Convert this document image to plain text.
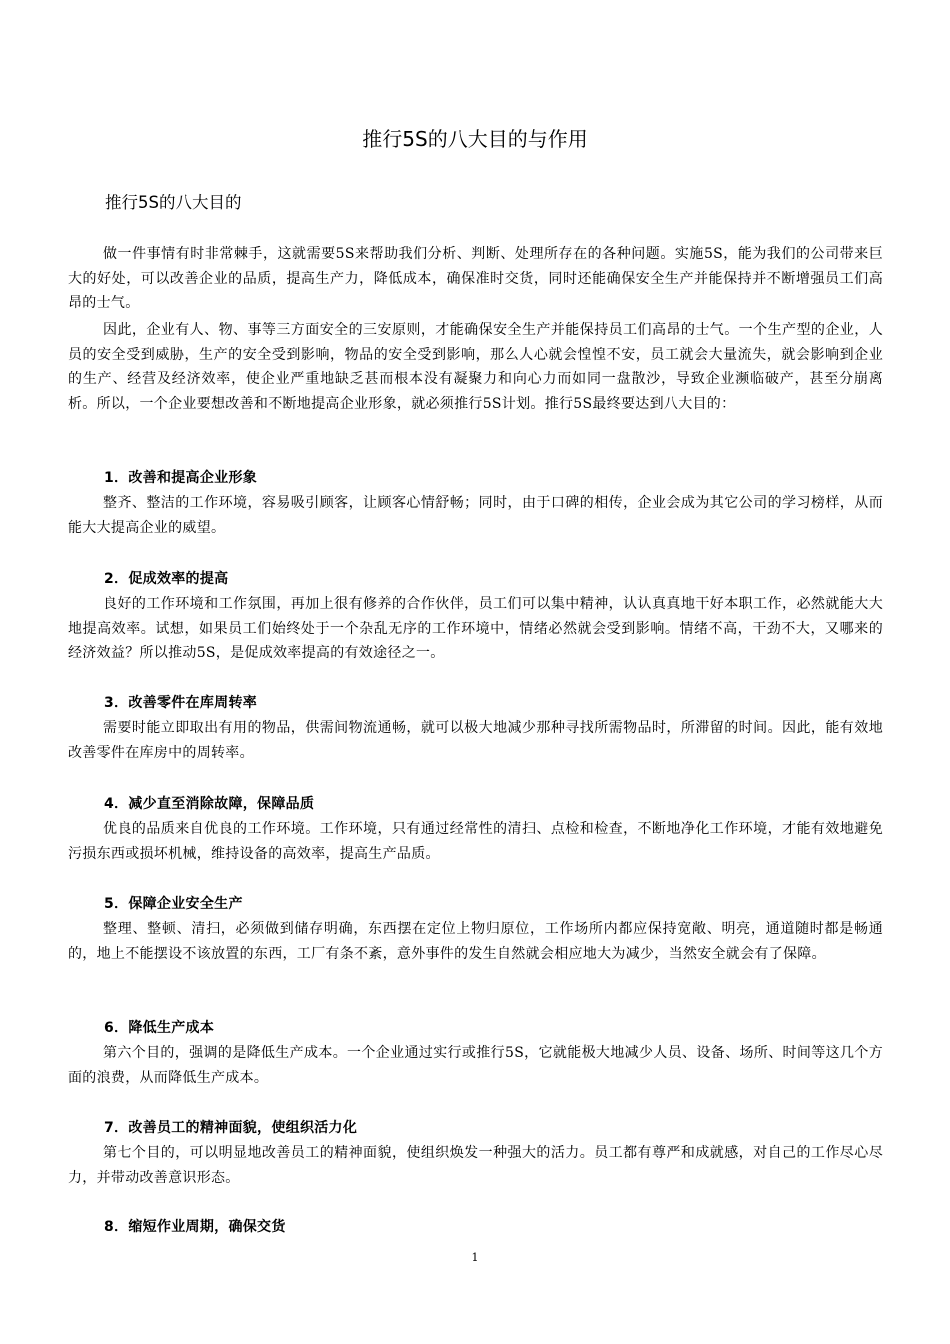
推行5S的八大目的与作用
推行5S的八大目的

做一件事情有时非常棘手，这就需要5S来帮助我们分析、判断、处理所存在的各种问题。实施5S，能为我们的公司带来巨大的好处，可以改善企业的品质，提高生产力，降低成本，确保准时交货，同时还能确保安全生产并能保持并不断增强员工们高昂的士气。

因此，企业有人、物、事等三方面安全的三安原则，才能确保安全生产并能保持员工们高昂的士气。一个生产型的企业，人员的安全受到威胁，生产的安全受到影响，物品的安全受到影响，那么人心就会惶惶不安，员工就会大量流失，就会影响到企业的生产、经营及经济效率，使企业严重地缺乏甚而根本没有凝聚力和向心力而如同一盘散沙，导致企业濒临破产，甚至分崩离析。所以，一个企业要想改善和不断地提高企业形象，就必须推行5S计划。推行5S最终要达到八大目的：

1．改善和提高企业形象

整齐、整洁的工作环境，容易吸引顾客，让顾客心情舒畅；同时，由于口碑的相传，企业会成为其它公司的学习榜样，从而能大大提高企业的威望。

2．促成效率的提高

良好的工作环境和工作氛围，再加上很有修养的合作伙伴，员工们可以集中精神，认认真真地干好本职工作，必然就能大大地提高效率。试想，如果员工们始终处于一个杂乱无序的工作环境中，情绪必然就会受到影响。情绪不高，干劲不大，又哪来的经济效益？所以推动5S，是促成效率提高的有效途径之一。

3．改善零件在库周转率

需要时能立即取出有用的物品，供需间物流通畅，就可以极大地减少那种寻找所需物品时，所滞留的时间。因此，能有效地改善零件在库房中的周转率。

4．减少直至消除故障，保障品质

优良的品质来自优良的工作环境。工作环境，只有通过经常性的清扫、点检和检查，不断地净化工作环境，才能有效地避免污损东西或损坏机械，维持设备的高效率，提高生产品质。

5．保障企业安全生产

整理、整顿、清扫，必须做到储存明确，东西摆在定位上物归原位，工作场所内都应保持宽敞、明亮，通道随时都是畅通的，地上不能摆设不该放置的东西，工厂有条不紊，意外事件的发生自然就会相应地大为减少，当然安全就会有了保障。

6．降低生产成本

第六个目的，强调的是降低生产成本。一个企业通过实行或推行5S，它就能极大地减少人员、设备、场所、时间等这几个方面的浪费，从而降低生产成本。

7．改善员工的精神面貌，使组织活力化

第七个目的，可以明显地改善员工的精神面貌，使组织焕发一种强大的活力。员工都有尊严和成就感，对自己的工作尽心尽力，并带动改善意识形态。

8．缩短作业周期，确保交货
1
